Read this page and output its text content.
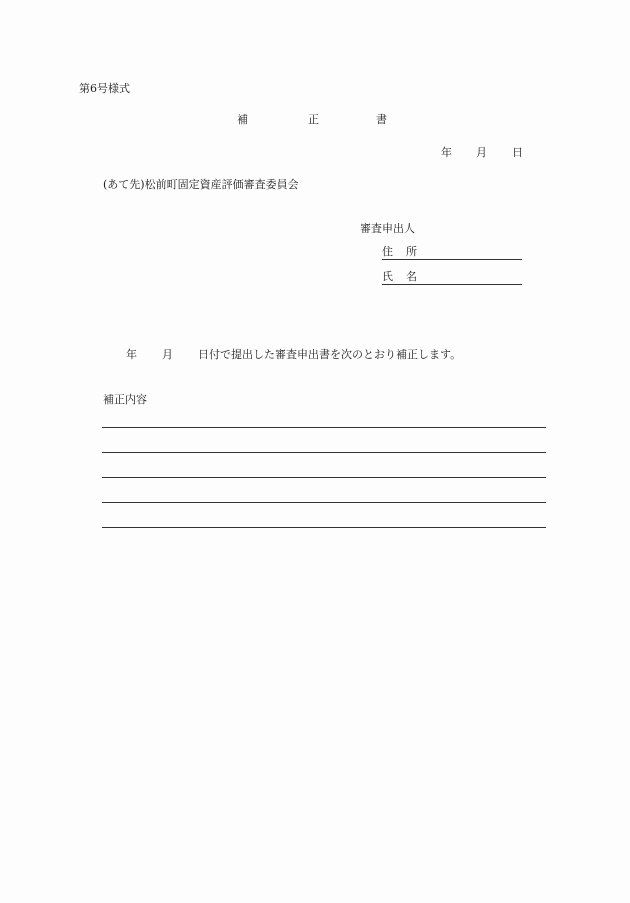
第6号様式
補	正	書
年 月 日
(あて先)松前町固定資産評価審査委員会
審査申出人
住所
氏名
年 月 日付で提出した審査申出書を次のとおり補正します。
補正内容
